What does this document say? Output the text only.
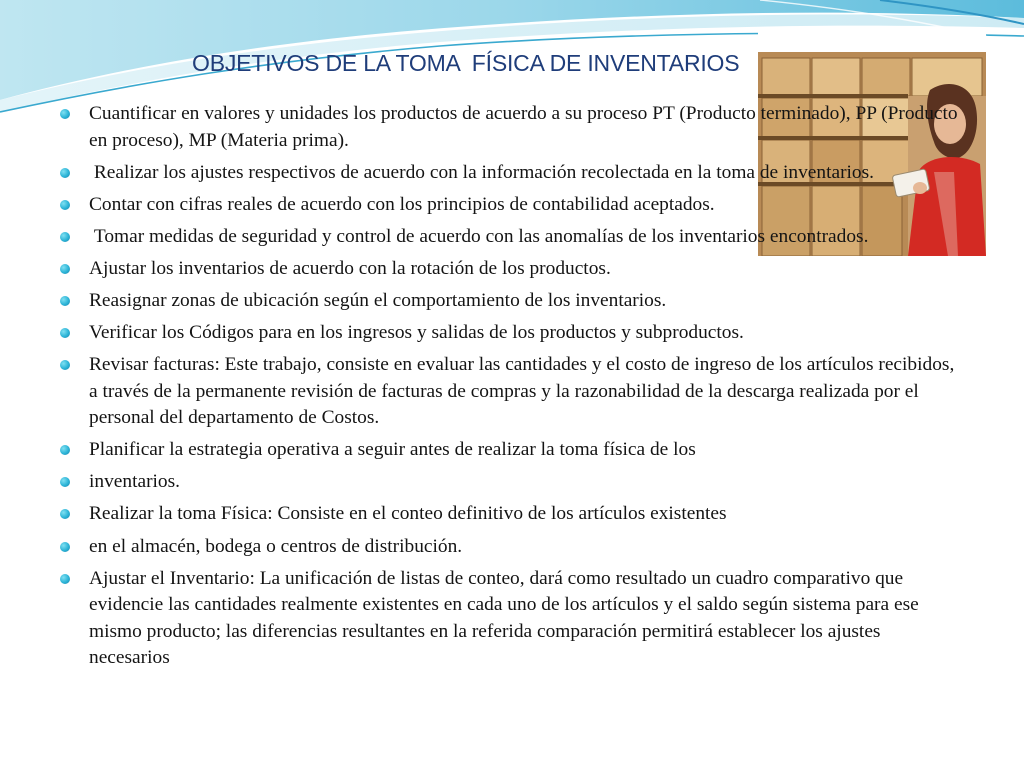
OBJETIVOS DE LA TOMA  FÍSICA DE INVENTARIOS
Cuantificar en valores y unidades los productos de acuerdo a su proceso PT (Producto terminado), PP (Producto en proceso), MP (Materia prima).
Realizar los ajustes respectivos de acuerdo con la información recolectada en la toma de inventarios.
Contar con cifras reales de acuerdo con los principios de contabilidad aceptados.
Tomar medidas de seguridad y control de acuerdo con las anomalías de los inventarios encontrados.
Ajustar los inventarios de acuerdo con la rotación de los productos.
Reasignar zonas de ubicación según el comportamiento de los inventarios.
Verificar los Códigos para en los ingresos y salidas de los productos y subproductos.
Revisar facturas: Este trabajo, consiste en evaluar las cantidades y el costo de ingreso de los artículos recibidos, a través de la permanente revisión de facturas de compras y la razonabilidad de la descarga realizada por el personal del departamento de Costos.
Planificar la estrategia operativa a seguir antes de realizar la toma física de los
inventarios.
Realizar la toma Física: Consiste en el conteo definitivo de los artículos existentes
en el almacén, bodega o centros de distribución.
Ajustar el Inventario: La unificación de listas de conteo, dará como resultado un cuadro comparativo que evidencie las cantidades realmente existentes en cada uno de los artículos y el saldo según sistema para ese mismo producto; las diferencias resultantes en la referida comparación permitirá establecer los ajustes necesarios
